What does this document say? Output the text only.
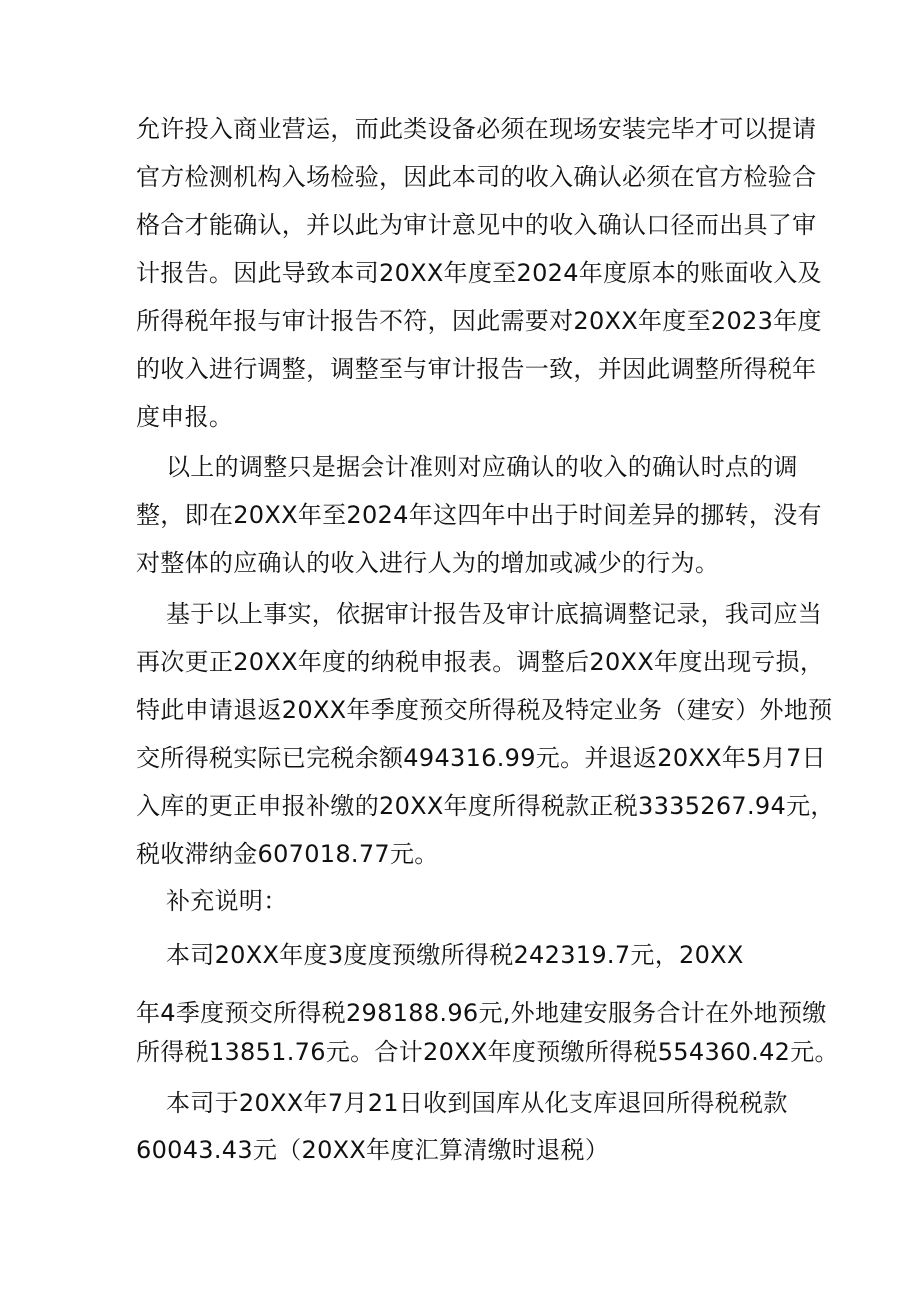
允许投入商业营运，而此类设备必须在现场安装完毕才可以提请
官方检测机构入场检验，因此本司的收入确认必须在官方检验合
格合才能确认，并以此为审计意见中的收入确认口径而出具了审
计报告。因此导致本司20XX年度至2024年度原本的账面收入及
所得税年报与审计报告不符，因此需要对20XX年度至2023年度
的收入进行调整，调整至与审计报告一致，并因此调整所得税年
度申报。
以上的调整只是据会计准则对应确认的收入的确认时点的调
整，即在20XX年至2024年这四年中出于时间差异的挪转，没有
对整体的应确认的收入进行人为的增加或减少的行为。
基于以上事实，依据审计报告及审计底搞调整记录，我司应当
再次更正20XX年度的纳税申报表。调整后20XX年度出现亏损，
特此申请退返20XX年季度预交所得税及特定业务（建安）外地预
交所得税实际已完税余额494316.99元。并退返20XX年5月7日
入库的更正申报补缴的20XX年度所得税款正税3335267.94元，
税收滞纳金607018.77元。
补充说明：
本司20XX年度3度度预缴所得税242319.7元，20XX
年4季度预交所得税298188.96元,外地建安服务合计在外地预缴
所得税13851.76元。合计20XX年度预缴所得税554360.42元。
本司于20XX年7月21日收到国库从化支库退回所得税税款
60043.43元（20XX年度汇算清缴时退税）
